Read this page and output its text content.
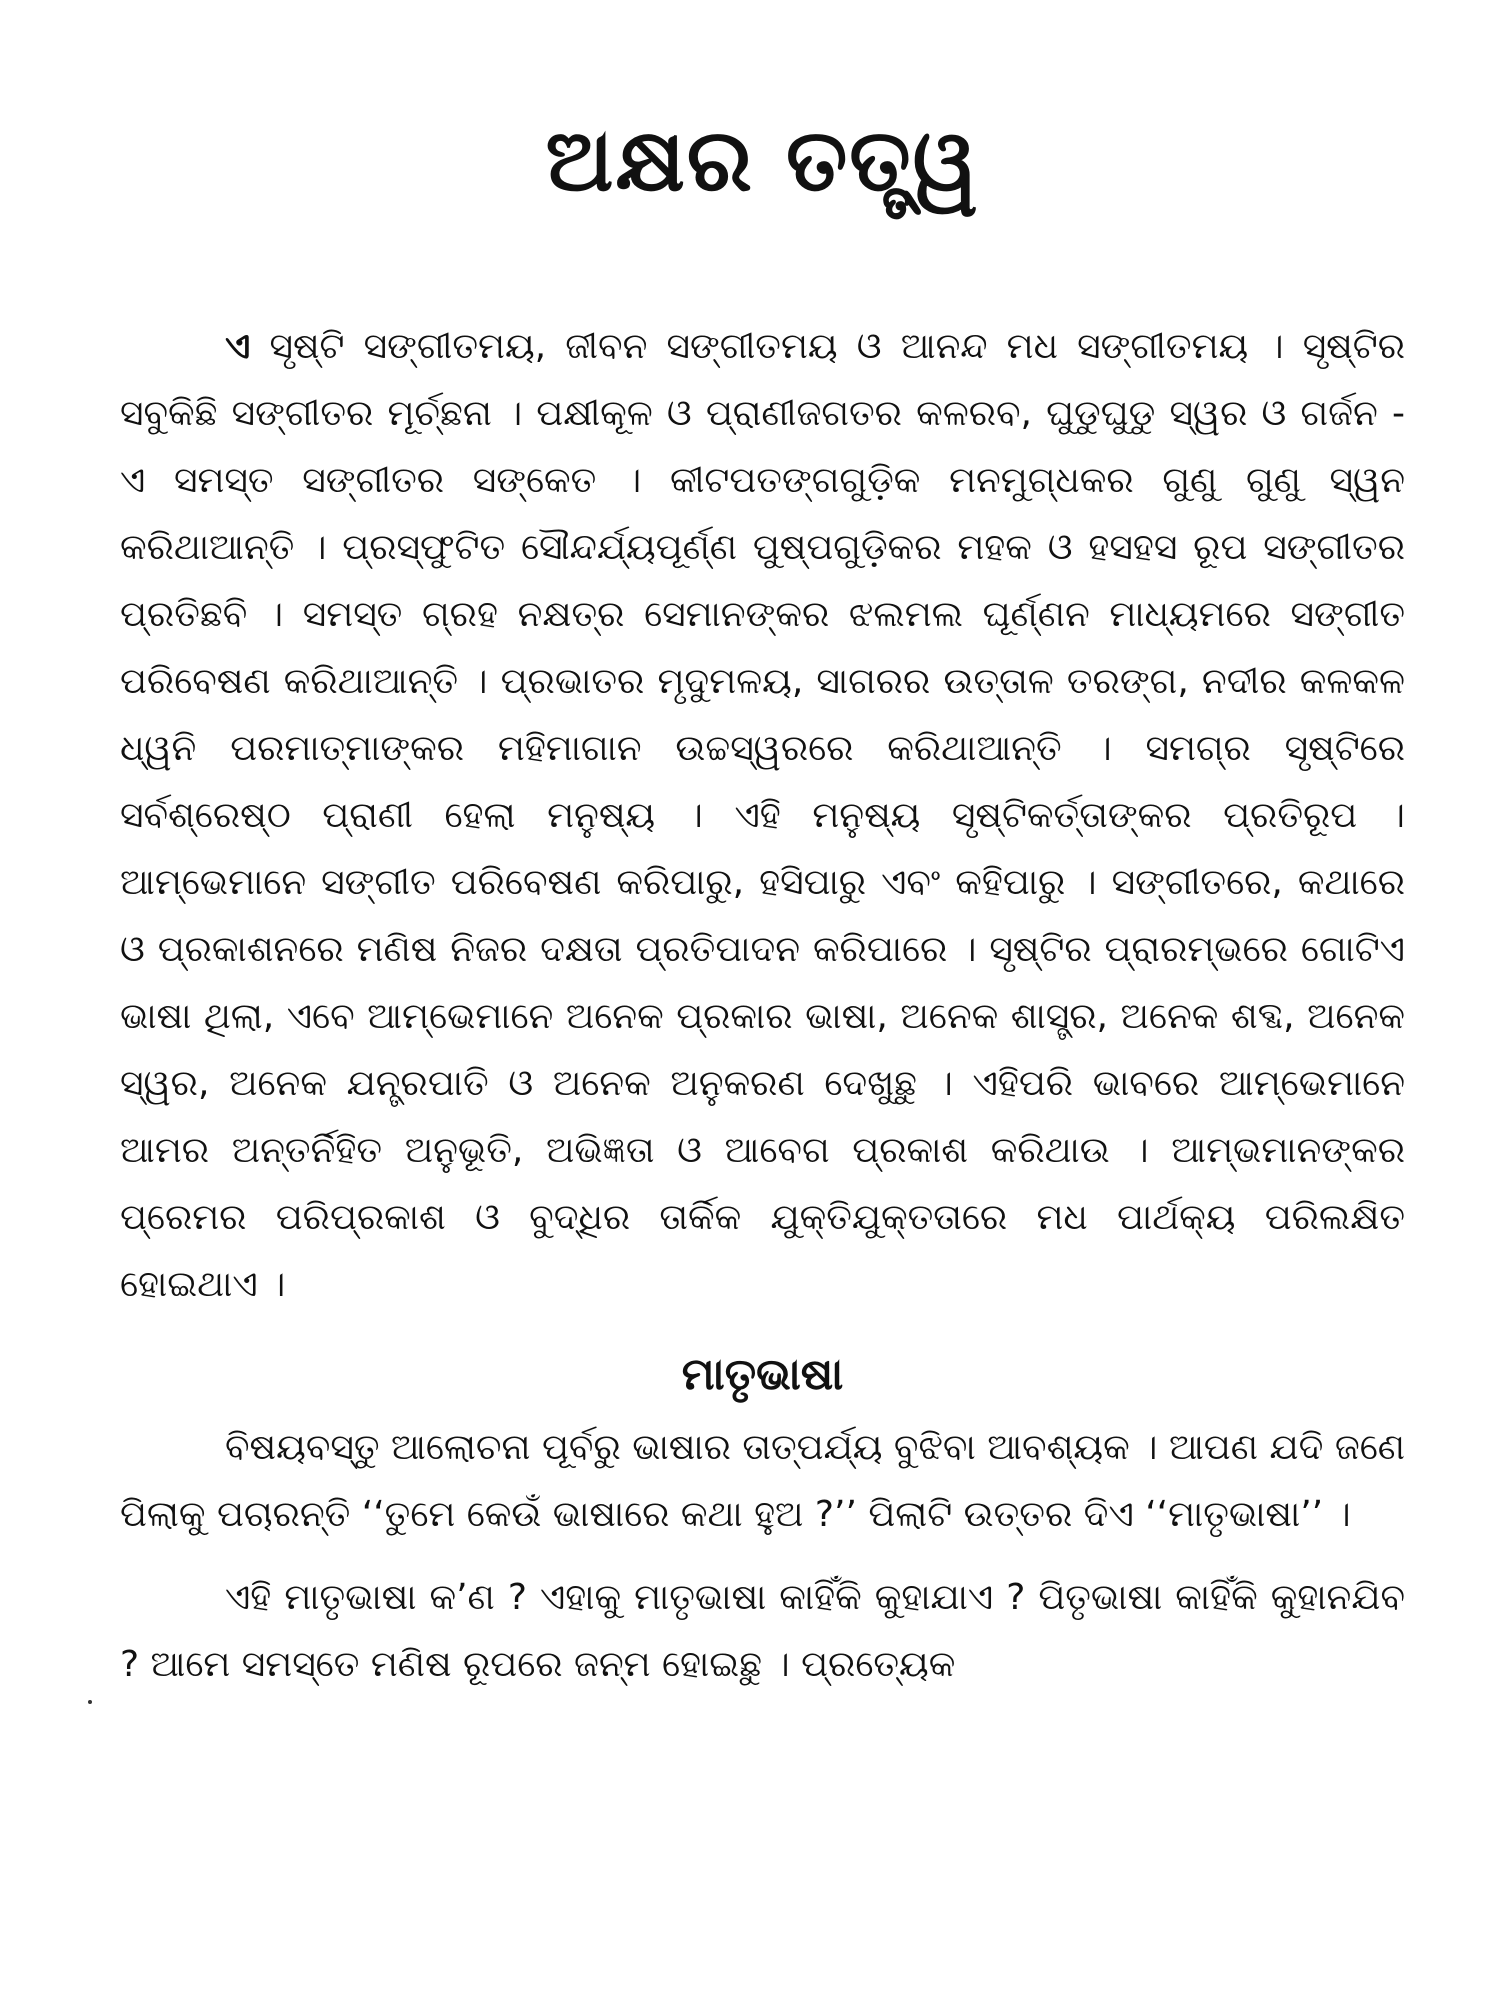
ଅକ୍ଷର ତତ୍ତ୍ୱ

ଏ ସୃଷ୍ଟି ସଙ୍ଗୀତମୟ, ଜୀବନ ସଙ୍ଗୀତମୟ ଓ ଆନନ୍ଦ ମଧ ସଙ୍ଗୀତମୟ । ସୃଷ୍ଟିର ସବୁକିଛି ସଙ୍ଗୀତର ମୂର୍ଚ୍ଛନା । ପକ୍ଷୀକୂଳ ଓ ପ୍ରାଣୀଜଗତର କଳରବ, ଘୁଡୁଘୁଡୁ ସ୍ୱର ଓ ଗର୍ଜନ - ଏ ସମସ୍ତ ସଙ୍ଗୀତର ସଙ୍କେତ । କୀଟପତଙ୍ଗଗୁଡ଼ିକ ମନମୁଗ୍ଧକର ଗୁଣୁ ଗୁଣୁ ସ୍ୱନ କରିଥାଆନ୍ତି । ପ୍ରସ୍ଫୁଟିତ ସୌନ୍ଦର୍ଯ୍ୟପୂର୍ଣ୍ଣ ପୁଷ୍ପଗୁଡ଼ିକର ମହକ ଓ ହସହସ ରୂପ ସଙ୍ଗୀତର ପ୍ରତିଛବି । ସମସ୍ତ ଗ୍ରହ ନକ୍ଷତ୍ର ସେମାନଙ୍କର ଝଲମଲ ଘୂର୍ଣ୍ଣନ ମାଧ୍ୟମରେ ସଙ୍ଗୀତ ପରିବେଷଣ କରିଥାଆନ୍ତି । ପ୍ରଭାତର ମୃଦୁମଳୟ, ସାଗରର ଉତ୍ତାଳ ତରଙ୍ଗ, ନଦୀର କଳକଳ ଧ୍ୱନି ପରମାତ୍ମାଙ୍କର ମହିମାଗାନ ଉଚ୍ଚସ୍ୱରରେ କରିଥାଆନ୍ତି । ସମଗ୍ର ସୃଷ୍ଟିରେ ସର୍ବଶ୍ରେଷ୍ଠ ପ୍ରାଣୀ ହେଲା ମନୁଷ୍ୟ । ଏହି ମନୁଷ୍ୟ ସୃଷ୍ଟିକର୍ତ୍ତାଙ୍କର ପ୍ରତିରୂପ । ଆମ୍ଭେମାନେ ସଙ୍ଗୀତ ପରିବେଷଣ କରିପାରୁ, ହସିପାରୁ ଏବଂ କହିପାରୁ । ସଙ୍ଗୀତରେ, କଥାରେ ଓ ପ୍ରକାଶନରେ ମଣିଷ ନିଜର ଦକ୍ଷତା ପ୍ରତିପାଦନ କରିପାରେ । ସୃଷ୍ଟିର ପ୍ରାରମ୍ଭରେ ଗୋଟିଏ ଭାଷା ଥିଲା, ଏବେ ଆମ୍ଭେମାନେ ଅନେକ ପ୍ରକାର ଭାଷା, ଅନେକ ଶାସ୍ତ୍ର, ଅନେକ ଶବ୍ଦ, ଅନେକ ସ୍ୱର, ଅନେକ ଯନ୍ତ୍ରପାତି ଓ ଅନେକ ଅନୁକରଣ ଦେଖୁଛୁ । ଏହିପରି ଭାବରେ ଆମ୍ଭେମାନେ ଆମର ଅନ୍ତର୍ନିହିତ ଅନୁଭୂତି, ଅଭିଜ୍ଞତା ଓ ଆବେଗ ପ୍ରକାଶ କରିଥାଉ । ଆମ୍ଭମାନଙ୍କର ପ୍ରେମର ପରିପ୍ରକାଶ ଓ ବୁଦ୍ଧିର ତାର୍କିକ ଯୁକ୍ତିଯୁକ୍ତତାରେ ମଧ ପାର୍ଥକ୍ୟ ପରିଲକ୍ଷିତ ହୋଇଥାଏ ।

ମାତୃଭାଷା

ବିଷୟବସ୍ତୁ ଆଲୋଚନା ପୂର୍ବରୁ ଭାଷାର ତାତ୍ପର୍ଯ୍ୟ ବୁଝିବା ଆବଶ୍ୟକ । ଆପଣ ଯଦି ଜଣେ ପିଲାକୁ ପଚାରନ୍ତି ‘‘ତୁମେ କେଉଁ ଭାଷାରେ କଥା ହୁଅ ?’’ ପିଲାଟି ଉତ୍ତର ଦିଏ ‘‘ମାତୃଭାଷା’’ ।

ଏହି ମାତୃଭାଷା କ’ଣ ? ଏହାକୁ ମାତୃଭାଷା କାହିଁକି କୁହାଯାଏ ? ପିତୃଭାଷା କାହିଁକି କୁହାନଯିବ ? ଆମେ ସମସ୍ତେ ମଣିଷ ରୂପରେ ଜନ୍ମ ହୋଇଛୁ । ପ୍ରତ୍ୟେକ
